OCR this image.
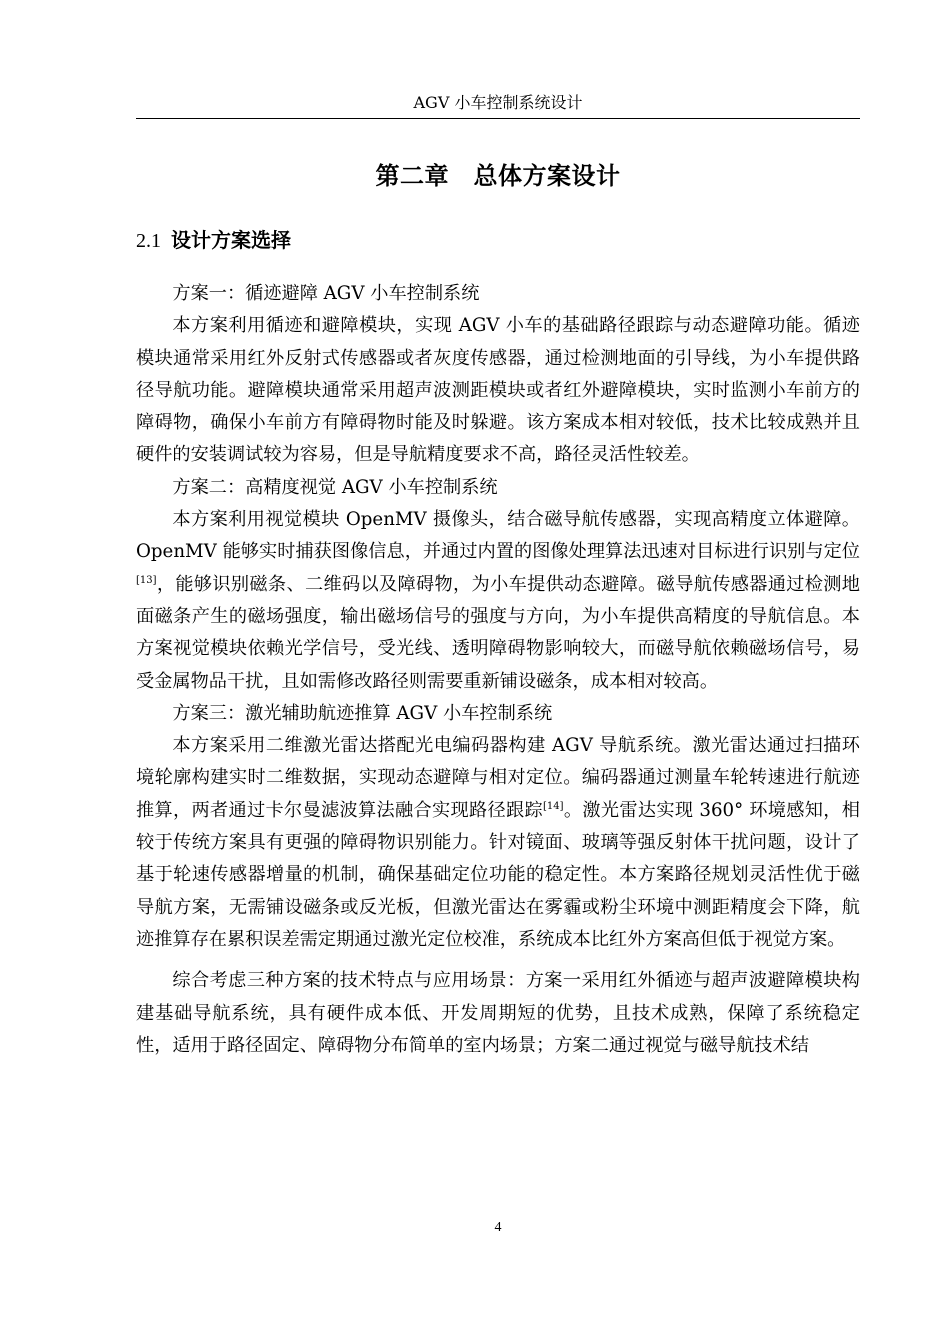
AGV 小车控制系统设计
第二章　总体方案设计
2.1 设计方案选择

方案一：循迹避障 AGV 小车控制系统

本方案利用循迹和避障模块，实现 AGV 小车的基础路径跟踪与动态避障功能。循迹模块通常采用红外反射式传感器或者灰度传感器，通过检测地面的引导线，为小车提供路径导航功能。避障模块通常采用超声波测距模块或者红外避障模块，实时监测小车前方的障碍物，确保小车前方有障碍物时能及时躲避。该方案成本相对较低，技术比较成熟并且硬件的安装调试较为容易，但是导航精度要求不高，路径灵活性较差。

方案二：高精度视觉 AGV 小车控制系统

本方案利用视觉模块 OpenMV 摄像头，结合磁导航传感器，实现高精度立体避障。OpenMV 能够实时捕获图像信息，并通过内置的图像处理算法迅速对目标进行识别与定位[13]，能够识别磁条、二维码以及障碍物，为小车提供动态避障。磁导航传感器通过检测地面磁条产生的磁场强度，输出磁场信号的强度与方向，为小车提供高精度的导航信息。本方案视觉模块依赖光学信号，受光线、透明障碍物影响较大，而磁导航依赖磁场信号，易受金属物品干扰，且如需修改路径则需要重新铺设磁条，成本相对较高。

方案三：激光辅助航迹推算 AGV 小车控制系统

本方案采用二维激光雷达搭配光电编码器构建 AGV 导航系统。激光雷达通过扫描环境轮廓构建实时二维数据，实现动态避障与相对定位。编码器通过测量车轮转速进行航迹推算，两者通过卡尔曼滤波算法融合实现路径跟踪[14]。激光雷达实现 360° 环境感知，相较于传统方案具有更强的障碍物识别能力。针对镜面、玻璃等强反射体干扰问题，设计了基于轮速传感器增量的机制，确保基础定位功能的稳定性。本方案路径规划灵活性优于磁导航方案，无需铺设磁条或反光板，但激光雷达在雾霾或粉尘环境中测距精度会下降，航迹推算存在累积误差需定期通过激光定位校准，系统成本比红外方案高但低于视觉方案。

综合考虑三种方案的技术特点与应用场景：方案一采用红外循迹与超声波避障模块构建基础导航系统，具有硬件成本低、开发周期短的优势，且技术成熟，保障了系统稳定性，适用于路径固定、障碍物分布简单的室内场景；方案二通过视觉与磁导航技术结

4
